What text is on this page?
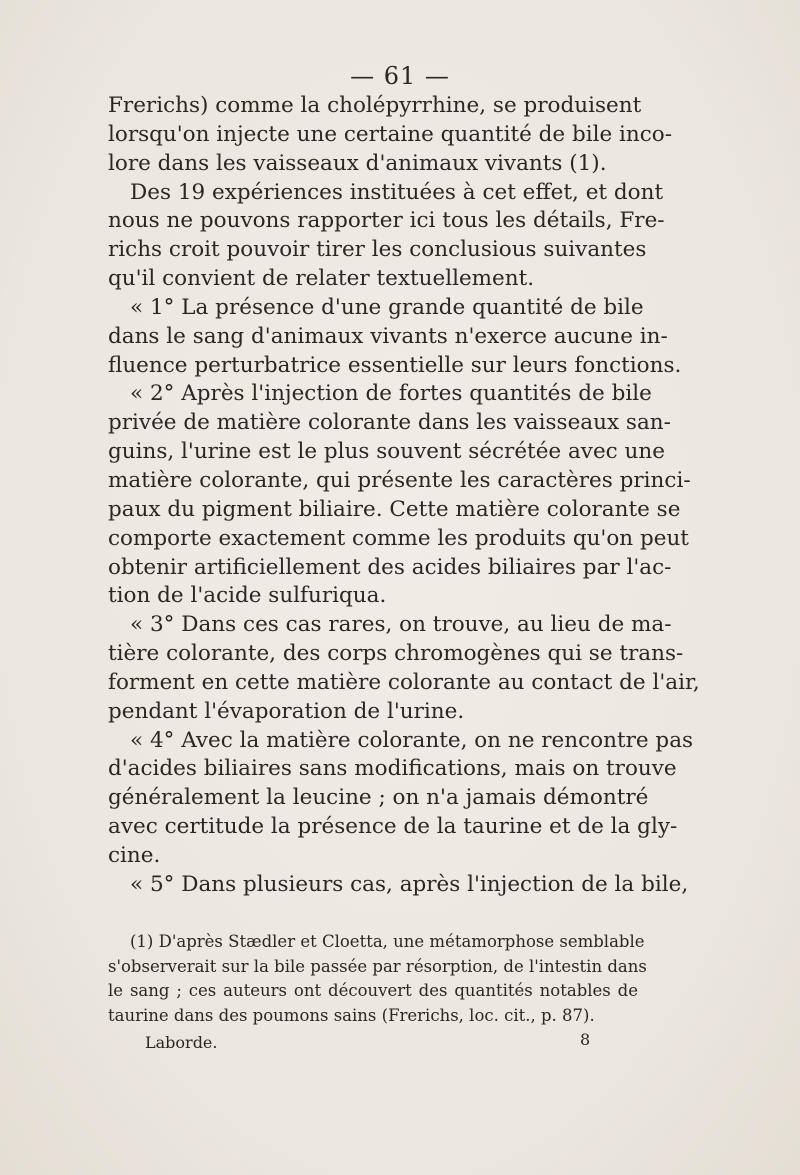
— 61 —
Frerichs) comme la cholépyrrhine, se produisent
lorsqu'on injecte une certaine quantité de bile inco-
lore dans les vaisseaux d'animaux vivants (1).
Des 19 expériences instituées à cet effet, et dont
nous ne pouvons rapporter ici tous les détails, Fre-
richs croit pouvoir tirer les conclusious suivantes
qu'il convient de relater textuellement.
« 1° La présence d'une grande quantité de bile
dans le sang d'animaux vivants n'exerce aucune in-
fluence perturbatrice essentielle sur leurs fonctions.
« 2° Après l'injection de fortes quantités de bile
privée de matière colorante dans les vaisseaux san-
guins, l'urine est le plus souvent sécrétée avec une
matière colorante, qui présente les caractères princi-
paux du pigment biliaire. Cette matière colorante se
comporte exactement comme les produits qu'on peut
obtenir artificiellement des acides biliaires par l'ac-
tion de l'acide sulfuriqua.
« 3° Dans ces cas rares, on trouve, au lieu de ma-
tière colorante, des corps chromogènes qui se trans-
forment en cette matière colorante au contact de l'air,
pendant l'évaporation de l'urine.
« 4° Avec la matière colorante, on ne rencontre pas
d'acides biliaires sans modifications, mais on trouve
généralement la leucine ; on n'a jamais démontré
avec certitude la présence de la taurine et de la gly-
cine.
« 5° Dans plusieurs cas, après l'injection de la bile,
(1) D'après Stædler et Cloetta, une métamorphose semblable
s'observerait sur la bile passée par résorption, de l'intestin dans
le sang ; ces auteurs ont découvert des quantités notables de
taurine dans des poumons sains (Frerichs, loc. cit., p. 87).
Laborde.	8
